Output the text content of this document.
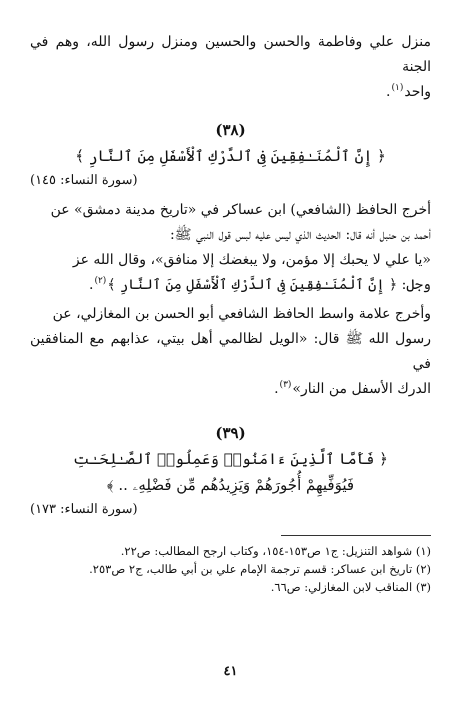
منزل علي وفاطمة والحسن والحسين ومنزل رسول الله، وهم في الجنة
واحد$^{(١)}$.

(٣٨)
﴿ إِنَّ ٱلْمُنَـٰفِقِينَ فِى ٱلدَّرْكِ ٱلْأَسْفَلِ مِنَ ٱلنَّارِ ﴾
(سورة النساء: ١٤٥)

أخرج الحافظ (الشافعي) ابن عساكر في «تاريخ مدينة دمشق» عن
أحمد بن حنبل أنه قال: الحديث الذي ليس عليه لبس قول النبي ﷺ:
«يا علي لا يحبك إلا مؤمن، ولا يبغضك إلا منافق»، وقال الله عز
وجل: ﴿ إِنَّ ٱلْمُنَـٰفِقِينَ فِى ٱلدَّرْكِ ٱلْأَسْفَلِ مِنَ ٱلنَّارِ ﴾$^{(٢)}$.

وأخرج علامة واسط الحافظ الشافعي أبو الحسن بن المغازلي، عن
رسول الله ﷺ قال: «الويل لظالمي أهل بيتي، عذابهم مع المنافقين في
الدرك الأسفل من النار»$^{(٣)}$.

(٣٩)
﴿ فَأَمَّا ٱلَّذِينَ ءَامَنُوا۟ وَعَمِلُوا۟ ٱلصَّـٰلِحَـٰتِ
فَيُوَفِّيهِمْ أُجُورَهُمْ وَيَزِيدُهُم مِّن فَضْلِهِۦ .. ﴾
(سورة النساء: ١٧٣)
(١) شواهد التنزيل: ج١ ص١٥٣-١٥٤، وكتاب ارجح المطالب: ص٢٢.
(٢) تاريخ ابن عساكر: قسم ترجمة الإمام علي بن أبي طالب، ج٢ ص٢٥٣.
(٣) المناقب لابن المغازلي: ص٦٦.
٤١
